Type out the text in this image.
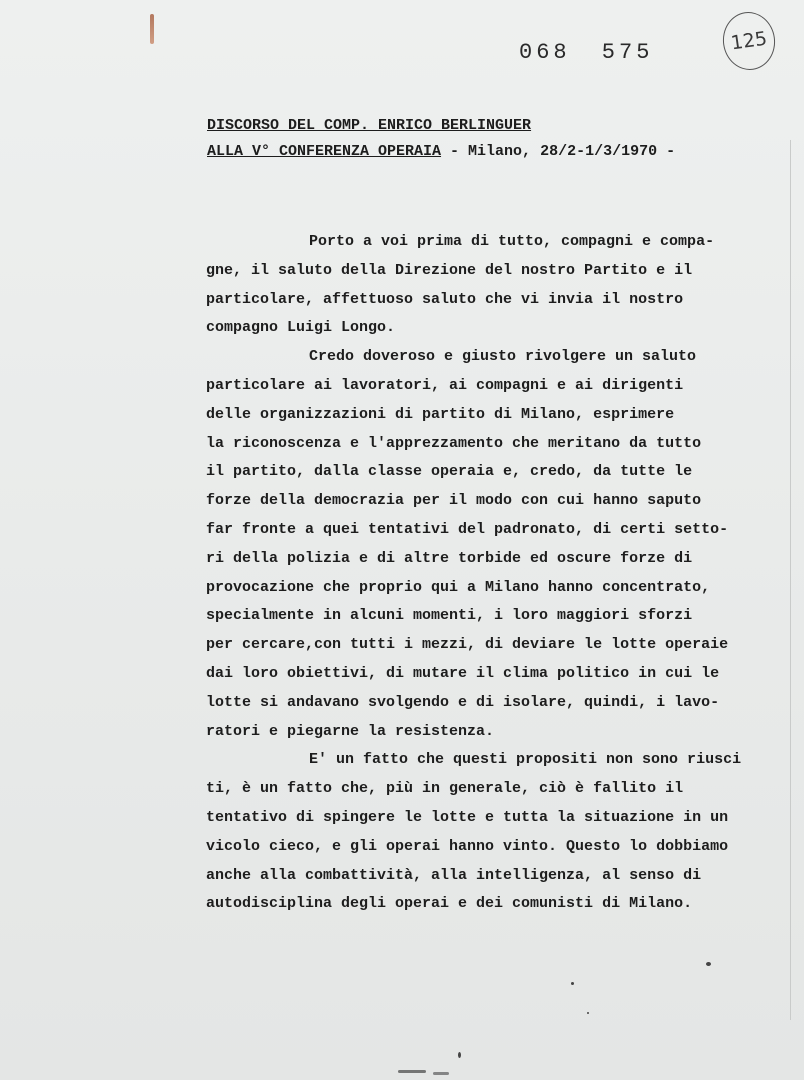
068 575	125
DISCORSO DEL COMP. ENRICO BERLINGUER
ALLA V° CONFERENZA OPERAIA - Milano, 28/2-1/3/1970 -
Porto a voi prima di tutto, compagni e compa-
gne, il saluto della Direzione del nostro Partito e il
particolare, affettuoso saluto che vi invia il nostro
compagno Luigi Longo.
Credo doveroso e giusto rivolgere un saluto
particolare ai lavoratori, ai compagni e ai dirigenti
delle organizzazioni di partito di Milano, esprimere
la riconoscenza e l'apprezzamento che meritano da tutto
il partito, dalla classe operaia e, credo, da tutte le
forze della democrazia per il modo con cui hanno saputo
far fronte a quei tentativi del padronato, di certi setto-
ri della polizia e di altre torbide ed oscure forze di
provocazione che proprio qui a Milano hanno concentrato,
specialmente in alcuni momenti, i loro maggiori sforzi
per cercare,con tutti i mezzi, di deviare le lotte operaie
dai loro obiettivi, di mutare il clima politico in cui le
lotte si andavano svolgendo e di isolare, quindi, i lavo-
ratori e piegarne la resistenza.
E' un fatto che questi propositi non sono riusci
ti, è un fatto che, più in generale, ciò è fallito il
tentativo di spingere le lotte e tutta la situazione in un
vicolo cieco, e gli operai hanno vinto. Questo lo dobbiamo
anche alla combattività, alla intelligenza, al senso di
autodisciplina degli operai e dei comunisti di Milano.
